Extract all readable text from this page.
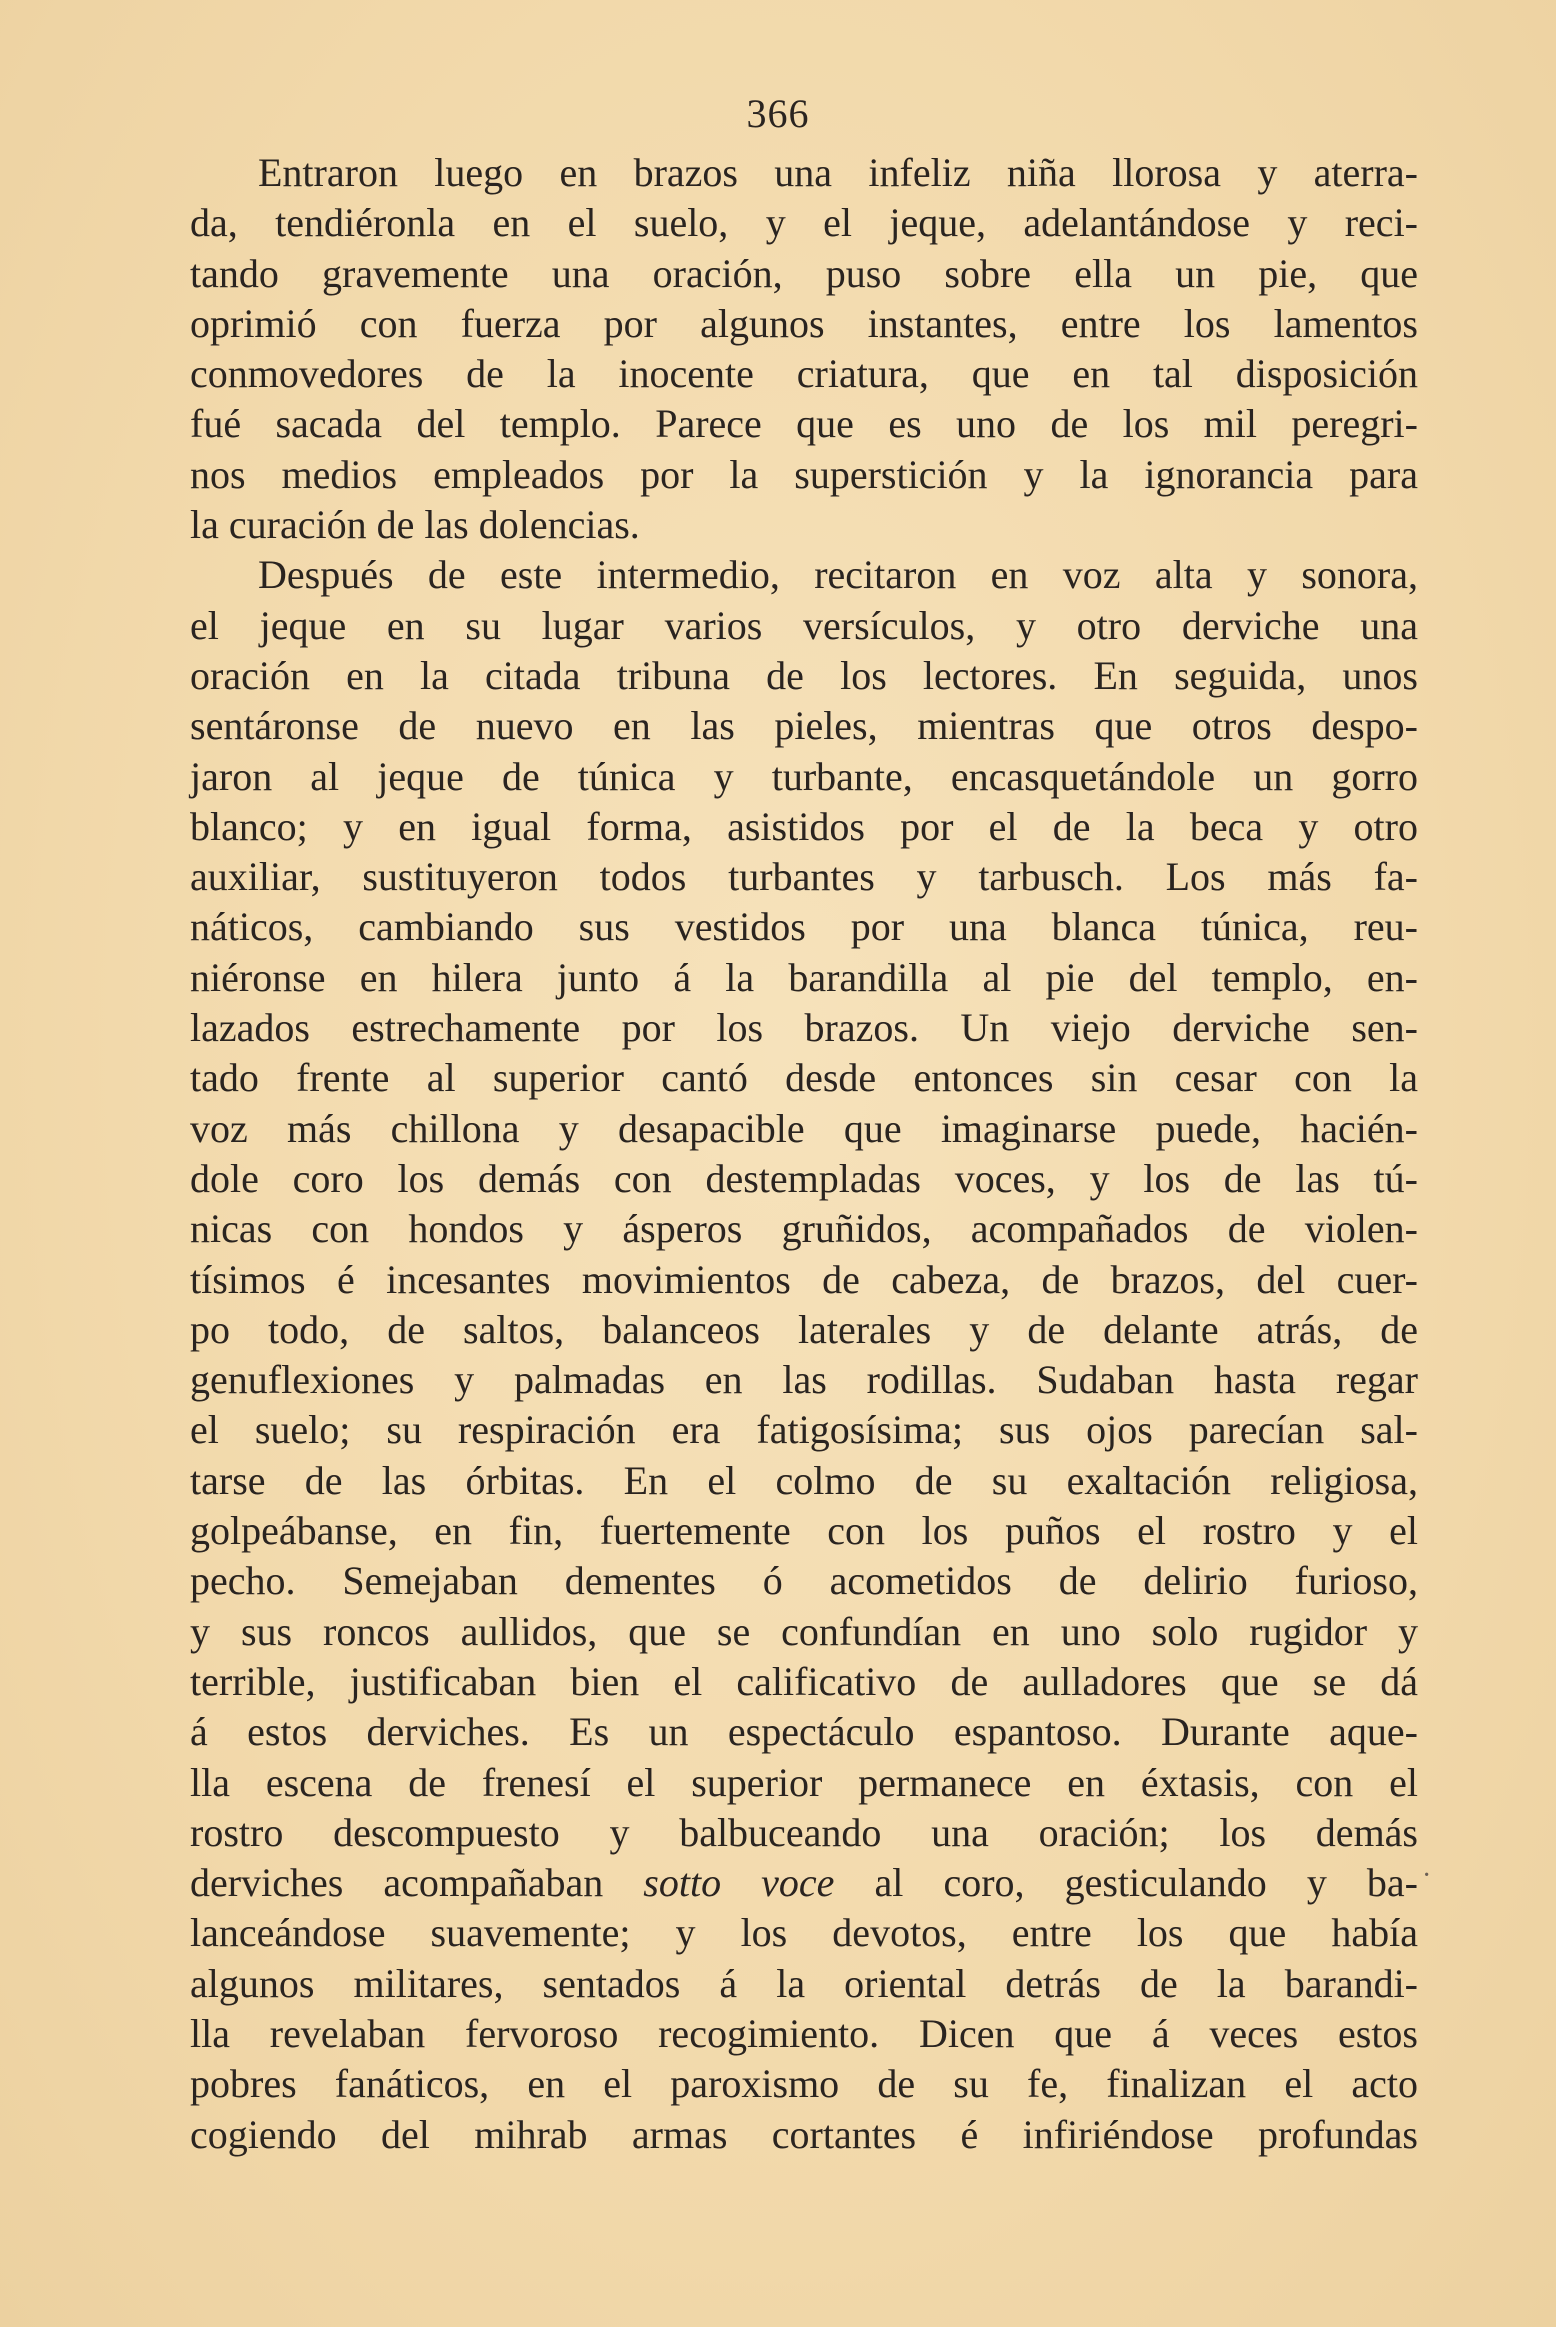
366
Entraron luego en brazos una infeliz niña llorosa y aterra-
da, tendiéronla en el suelo, y el jeque, adelantándose y reci-
tando gravemente una oración, puso sobre ella un pie, que
oprimió con fuerza por algunos instantes, entre los lamentos
conmovedores de la inocente criatura, que en tal disposición
fué sacada del templo. Parece que es uno de los mil peregri-
nos medios empleados por la superstición y la ignorancia para
la curación de las dolencias.
Después de este intermedio, recitaron en voz alta y sonora,
el jeque en su lugar varios versículos, y otro derviche una
oración en la citada tribuna de los lectores. En seguida, unos
sentáronse de nuevo en las pieles, mientras que otros despo-
jaron al jeque de túnica y turbante, encasquetándole un gorro
blanco; y en igual forma, asistidos por el de la beca y otro
auxiliar, sustituyeron todos turbantes y tarbusch. Los más fa-
náticos, cambiando sus vestidos por una blanca túnica, reu-
niéronse en hilera junto á la barandilla al pie del templo, en-
lazados estrechamente por los brazos. Un viejo derviche sen-
tado frente al superior cantó desde entonces sin cesar con la
voz más chillona y desapacible que imaginarse puede, hacién-
dole coro los demás con destempladas voces, y los de las tú-
nicas con hondos y ásperos gruñidos, acompañados de violen-
tísimos é incesantes movimientos de cabeza, de brazos, del cuer-
po todo, de saltos, balanceos laterales y de delante atrás, de
genuflexiones y palmadas en las rodillas. Sudaban hasta regar
el suelo; su respiración era fatigosísima; sus ojos parecían sal-
tarse de las órbitas. En el colmo de su exaltación religiosa,
golpeábanse, en fin, fuertemente con los puños el rostro y el
pecho. Semejaban dementes ó acometidos de delirio furioso,
y sus roncos aullidos, que se confundían en uno solo rugidor y
terrible, justificaban bien el calificativo de aulladores que se dá
á estos derviches. Es un espectáculo espantoso. Durante aque-
lla escena de frenesí el superior permanece en éxtasis, con el
rostro descompuesto y balbuceando una oración; los demás
derviches acompañaban sotto voce al coro, gesticulando y ba-
lanceándose suavemente; y los devotos, entre los que había
algunos militares, sentados á la oriental detrás de la barandi-
lla revelaban fervoroso recogimiento. Dicen que á veces estos
pobres fanáticos, en el paroxismo de su fe, finalizan el acto
cogiendo del mihrab armas cortantes é infiriéndose profundas
·
